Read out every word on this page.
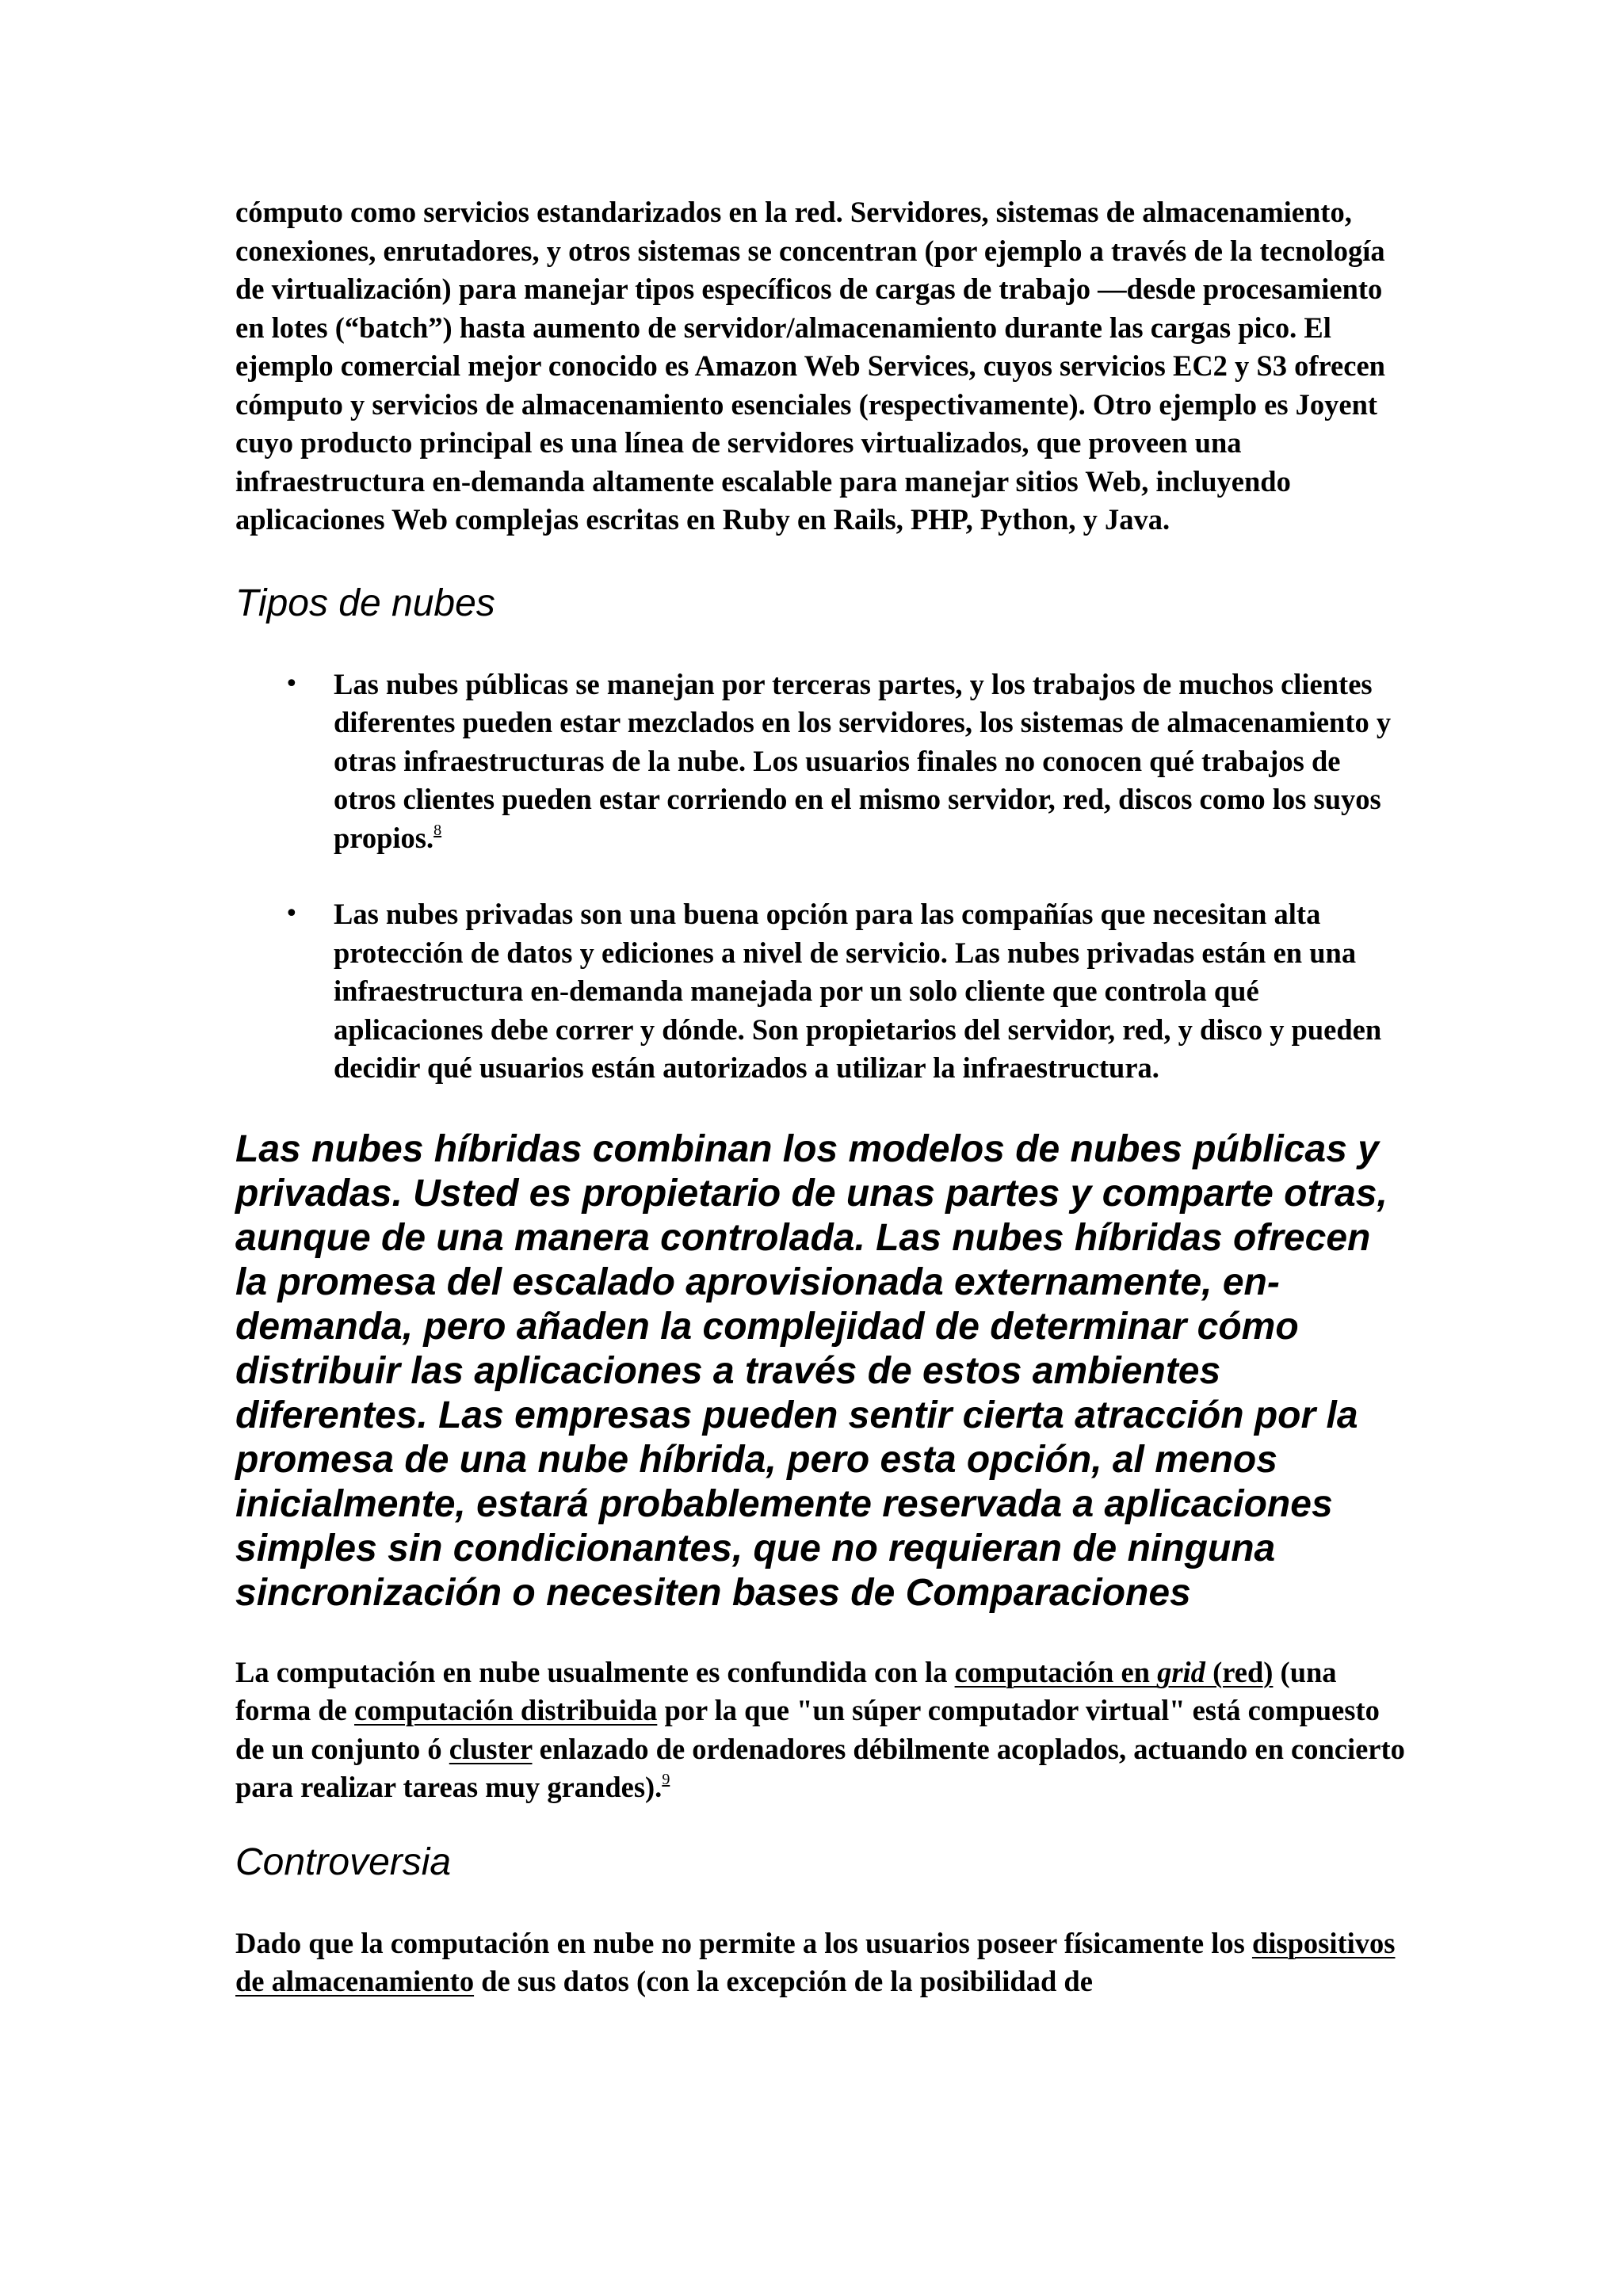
cómputo como servicios estandarizados en la red. Servidores, sistemas de almacenamiento, conexiones, enrutadores, y otros sistemas se concentran (por ejemplo a través de la tecnología de virtualización) para manejar tipos específicos de cargas de trabajo —desde procesamiento en lotes (“batch”) hasta aumento de servidor/almacenamiento durante las cargas pico. El ejemplo comercial mejor conocido es Amazon Web Services, cuyos servicios EC2 y S3 ofrecen cómputo y servicios de almacenamiento esenciales (respectivamente). Otro ejemplo es Joyent cuyo producto principal es una línea de servidores virtualizados, que proveen una infraestructura en-demanda altamente escalable para manejar sitios Web, incluyendo aplicaciones Web complejas escritas en Ruby en Rails, PHP, Python, y Java.

Tipos de nubes
• Las nubes públicas se manejan por terceras partes, y los trabajos de muchos clientes diferentes pueden estar mezclados en los servidores, los sistemas de almacenamiento y otras infraestructuras de la nube. Los usuarios finales no conocen qué trabajos de otros clientes pueden estar corriendo en el mismo servidor, red, discos como los suyos propios.$^8$
• Las nubes privadas son una buena opción para las compañías que necesitan alta protección de datos y ediciones a nivel de servicio. Las nubes privadas están en una infraestructura en-demanda manejada por un solo cliente que controla qué aplicaciones debe correr y dónde. Son propietarios del servidor, red, y disco y pueden decidir qué usuarios están autorizados a utilizar la infraestructura.

Las nubes híbridas combinan los modelos de nubes públicas y privadas. Usted es propietario de unas partes y comparte otras, aunque de una manera controlada. Las nubes híbridas ofrecen la promesa del escalado aprovisionada externamente, en-demanda, pero añaden la complejidad de determinar cómo distribuir las aplicaciones a través de estos ambientes diferentes. Las empresas pueden sentir cierta atracción por la promesa de una nube híbrida, pero esta opción, al menos inicialmente, estará probablemente reservada a aplicaciones simples sin condicionantes, que no requieran de ninguna sincronización o necesiten bases de Comparaciones

La computación en nube usualmente es confundida con la computación en grid (red) (una forma de computación distribuida por la que "un súper computador virtual" está compuesto de un conjunto ó cluster enlazado de ordenadores débilmente acoplados, actuando en concierto para realizar tareas muy grandes).$^9$

Controversia

Dado que la computación en nube no permite a los usuarios poseer físicamente los dispositivos de almacenamiento de sus datos (con la excepción de la posibilidad de
